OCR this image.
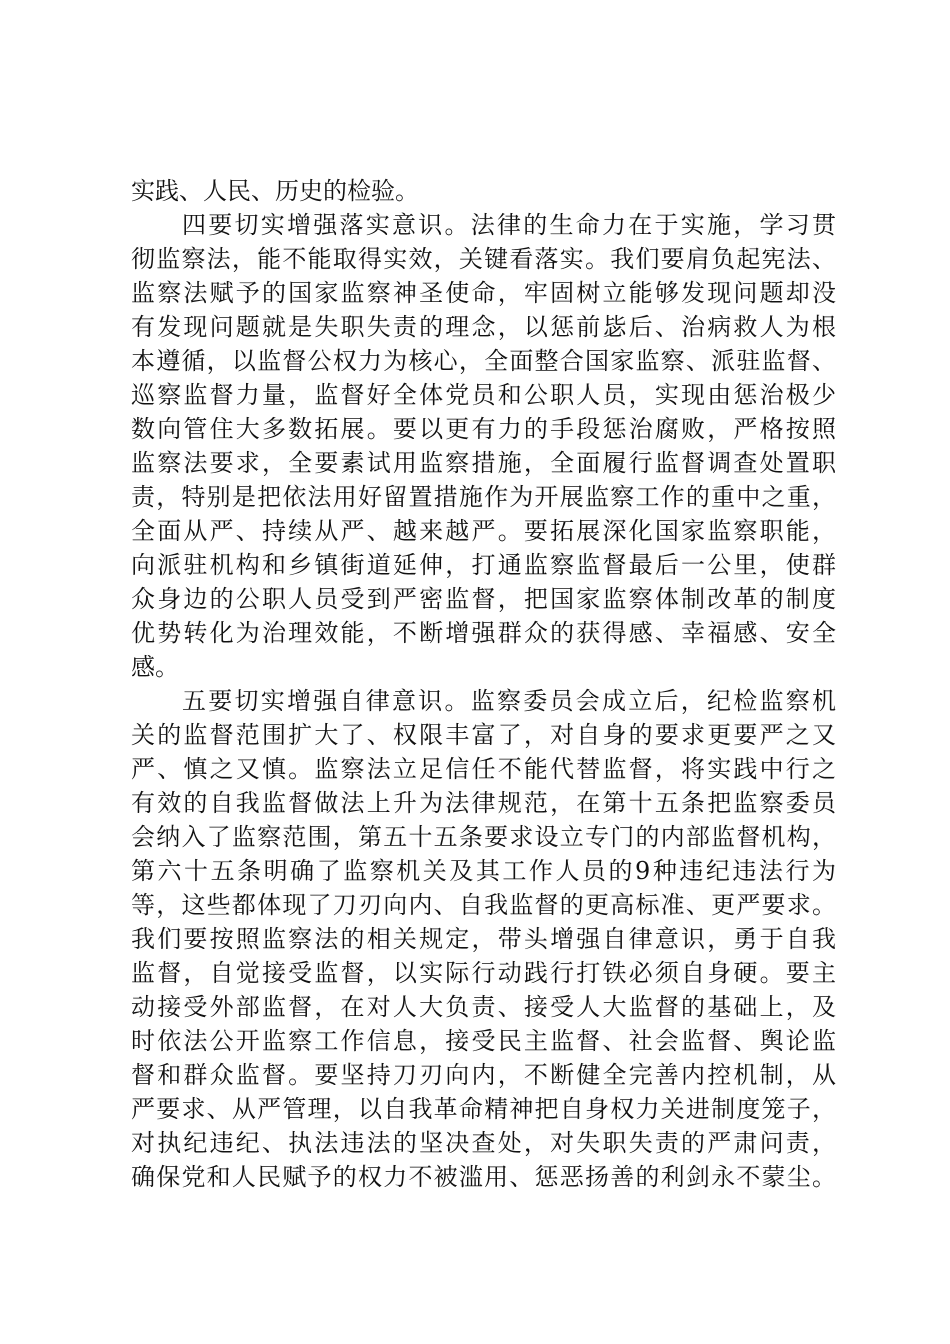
实践、人民、历史的检验。
四要切实增强落实意识。法律的生命力在于实施，学习贯
彻监察法，能不能取得实效，关键看落实。我们要肩负起宪法、
监察法赋予的国家监察神圣使命，牢固树立能够发现问题却没
有发现问题就是失职失责的理念，以惩前毖后、治病救人为根
本遵循，以监督公权力为核心，全面整合国家监察、派驻监督、
巡察监督力量，监督好全体党员和公职人员，实现由惩治极少
数向管住大多数拓展。要以更有力的手段惩治腐败，严格按照
监察法要求，全要素试用监察措施，全面履行监督调查处置职
责，特别是把依法用好留置措施作为开展监察工作的重中之重，
全面从严、持续从严、越来越严。要拓展深化国家监察职能，
向派驻机构和乡镇街道延伸，打通监察监督最后一公里，使群
众身边的公职人员受到严密监督，把国家监察体制改革的制度
优势转化为治理效能，不断增强群众的获得感、幸福感、安全
感。
五要切实增强自律意识。监察委员会成立后，纪检监察机
关的监督范围扩大了、权限丰富了，对自身的要求更要严之又
严、慎之又慎。监察法立足信任不能代替监督，将实践中行之
有效的自我监督做法上升为法律规范，在第十五条把监察委员
会纳入了监察范围，第五十五条要求设立专门的内部监督机构，
第六十五条明确了监察机关及其工作人员的9种违纪违法行为
等，这些都体现了刀刃向内、自我监督的更高标准、更严要求。
我们要按照监察法的相关规定，带头增强自律意识，勇于自我
监督，自觉接受监督，以实际行动践行打铁必须自身硬。要主
动接受外部监督，在对人大负责、接受人大监督的基础上，及
时依法公开监察工作信息，接受民主监督、社会监督、舆论监
督和群众监督。要坚持刀刃向内，不断健全完善内控机制，从
严要求、从严管理，以自我革命精神把自身权力关进制度笼子，
对执纪违纪、执法违法的坚决查处，对失职失责的严肃问责，
确保党和人民赋予的权力不被滥用、惩恶扬善的利剑永不蒙尘。
